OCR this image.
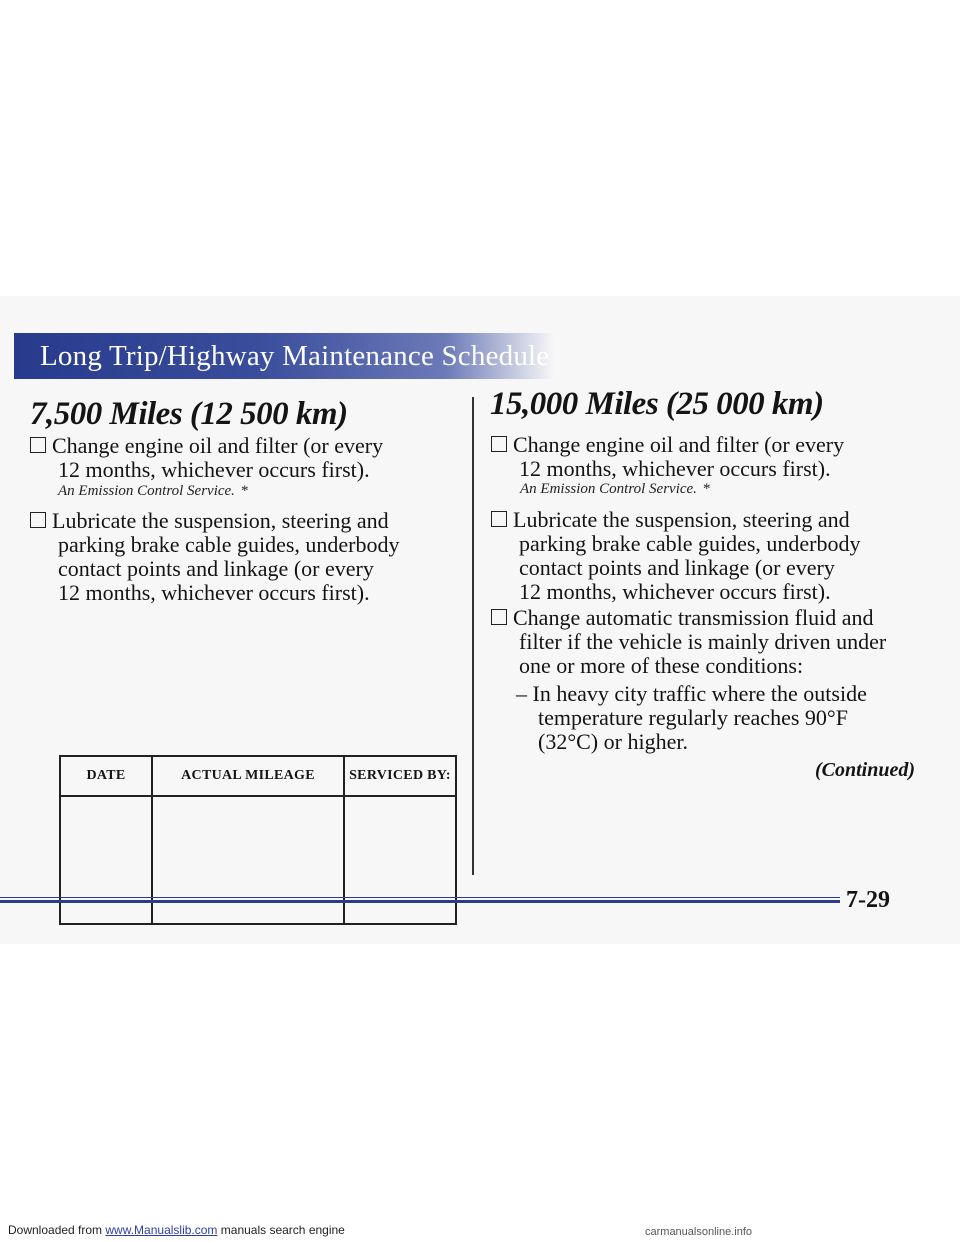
Long Trip/Highway Maintenance Schedule
7,500 Miles (12 500 km)
Change engine oil and filter (or every
12 months, whichever occurs first).
An Emission Control Service. *
Lubricate the suspension, steering and
parking brake cable guides, underbody
contact points and linkage (or every
12 months, whichever occurs first).
DATE	ACTUAL MILEAGE	SERVICED BY:

15,000 Miles (25 000 km)
Change engine oil and filter (or every
12 months, whichever occurs first).
An Emission Control Service. *
Lubricate the suspension, steering and
parking brake cable guides, underbody
contact points and linkage (or every
12 months, whichever occurs first).
Change automatic transmission fluid and
filter if the vehicle is mainly driven under
one or more of these conditions:
– In heavy city traffic where the outside
temperature regularly reaches 90°F
(32°C) or higher.
(Continued)
7-29
Downloaded from www.Manualslib.com manuals search engine	carmanualsonline.info
